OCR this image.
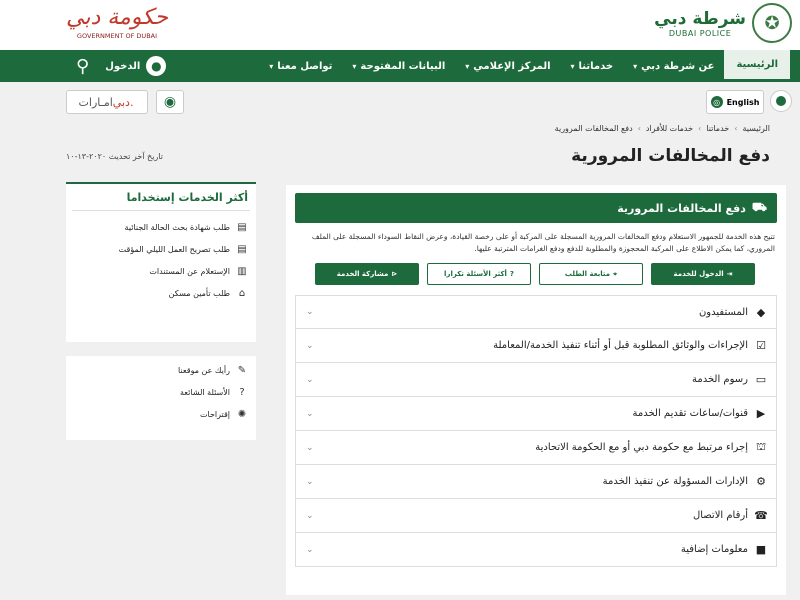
✪
شرطة دبي
DUBAI POLICE
حكومة دبي
GOVERNMENT OF DUBAI
الرئيسية
عن شرطة دبي
▾
خدماتنا
▾
المركز الإعلامي
▾
البيانات المفتوحة
▾
تواصل معنا
▾
⚲	●
الدخول
◎ English
◉
امـارات دبي.
الرئيسية
›
خدماتنا
›
خدمات للأفراد
›
دفع المخالفات المرورية
دفع المخالفات المرورية
تاريخ آخر تحديث ٢٠٢٠-١٣-١٠
⛟
دفع المخالفات المرورية
تتيح هذه الخدمة للجمهور الاستعلام ودفع المخالفات المرورية المسجلة على المركبة أو على رخصة القيادة، وعرض النقاط السوداء المسجلة على الملف المروري، كما يمكن الاطلاع على المركبة المحجوزة والمطلوبة للدفع ودفع الغرامات المترتبة عليها.
⇥
الدخول للخدمة
⌖
متابعة الطلب
?
أكثر الأسئلة تكرارا
⊲
مشاركة الخدمة
◆
المستفيدون
⌄
☑
الإجراءات والوثائق المطلوبة قبل أو أثناء تنفيذ الخدمة/المعاملة
⌄
▭
رسوم الخدمة
⌄
▶
قنوات/ساعات تقديم الخدمة
⌄
⛫
إجراء مرتبط مع حكومة دبي أو مع الحكومة الاتحادية
⌄
⚙
الإدارات المسؤولة عن تنفيذ الخدمة
⌄
☎
أرقام الاتصال
⌄
■
معلومات إضافية
⌄
أكثر الخدمات إستخداما
▤
طلب شهادة بحث الحالة الجنائية
▤
طلب تصريح العمل الليلي المؤقت
▥
الإستعلام عن المستندات
⌂
طلب تأمين مسكن
✎
رأيك عن موقعنا
?
الأسئلة الشائعة
✺
إقتراحات
